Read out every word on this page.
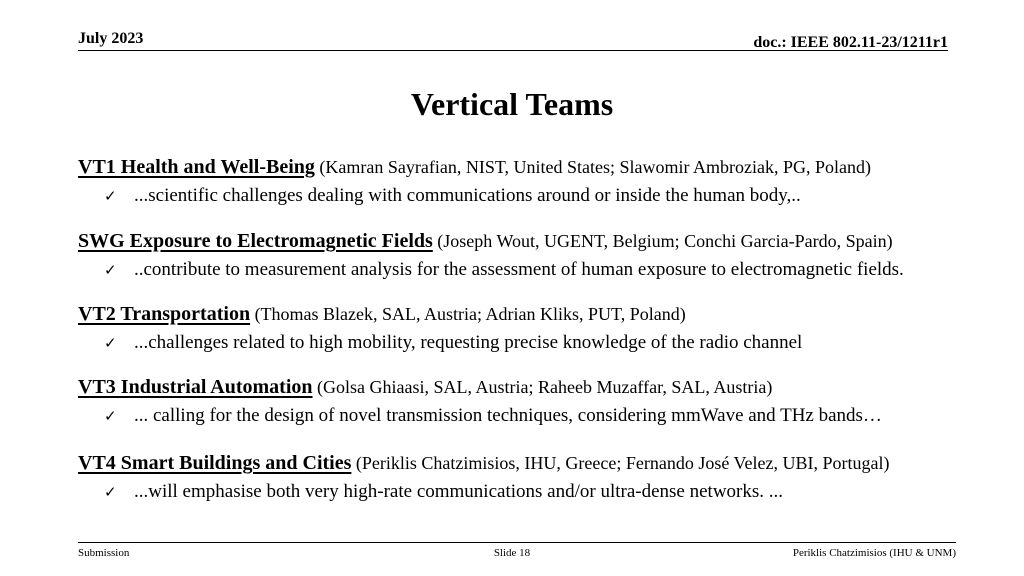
July 2023	doc.: IEEE 802.11-23/1211r1
Vertical Teams
VT1 Health and Well-Being (Kamran Sayrafian, NIST, United States; Slawomir Ambroziak, PG, Poland)
✓ ...scientific challenges dealing with communications around or inside the human body,..
SWG Exposure to Electromagnetic Fields (Joseph Wout, UGENT, Belgium; Conchi Garcia-Pardo, Spain)
✓ ..contribute to measurement analysis for the assessment of human exposure to electromagnetic fields.
VT2 Transportation (Thomas Blazek, SAL, Austria; Adrian Kliks, PUT, Poland)
✓ ...challenges related to high mobility, requesting precise knowledge of the radio channel
VT3 Industrial Automation (Golsa Ghiaasi, SAL, Austria; Raheeb Muzaffar, SAL, Austria)
✓ ... calling for the design of novel transmission techniques, considering mmWave and THz bands…
VT4 Smart Buildings and Cities (Periklis Chatzimisios, IHU, Greece; Fernando José Velez, UBI, Portugal)
✓ ...will emphasise both very high-rate communications and/or ultra-dense networks. ...
Submission	Slide 18	Periklis Chatzimisios (IHU & UNM)
